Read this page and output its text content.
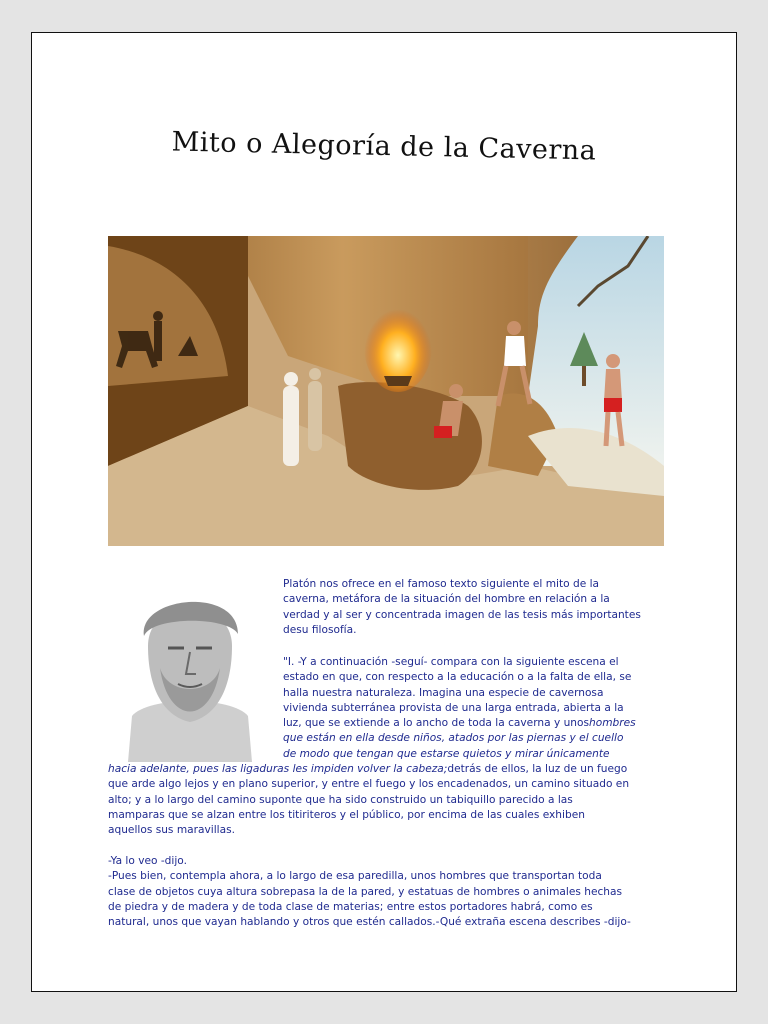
Mito o Alegoría de la Caverna
Platón nos ofrece en el famoso texto siguiente el mito de la
caverna, metáfora de la situación del hombre en relación a la
verdad y al ser y concentrada imagen de las tesis más importantes
desu filosofía.
"I. -Y a continuación -seguí- compara con la siguiente escena el
estado en que, con respecto a la educación o a la falta de ella, se
halla nuestra naturaleza. Imagina una especie de cavernosa
vivienda subterránea provista de una larga entrada, abierta a la
luz, que se extiende a lo ancho de toda la caverna y unoshombres
que están en ella desde niños, atados por las piernas y el cuello
de modo que tengan que estarse quietos y mirar únicamente
hacia adelante, pues las ligaduras les impiden volver la cabeza;detrás de ellos, la luz de un fuego
que arde algo lejos y en plano superior, y entre el fuego y los encadenados, un camino situado en
alto; y a lo largo del camino suponte que ha sido construido un tabiquillo parecido a las
mamparas que se alzan entre los titiriteros y el público, por encima de las cuales exhiben
aquellos sus maravillas.
-Ya lo veo -dijo.
-Pues bien, contempla ahora, a lo largo de esa paredilla, unos hombres que transportan toda
clase de objetos cuya altura sobrepasa la de la pared, y estatuas de hombres o animales hechas
de piedra y de madera y de toda clase de materias; entre estos portadores habrá, como es
natural, unos que vayan hablando y otros que estén callados.-Qué extraña escena describes -dijo-
